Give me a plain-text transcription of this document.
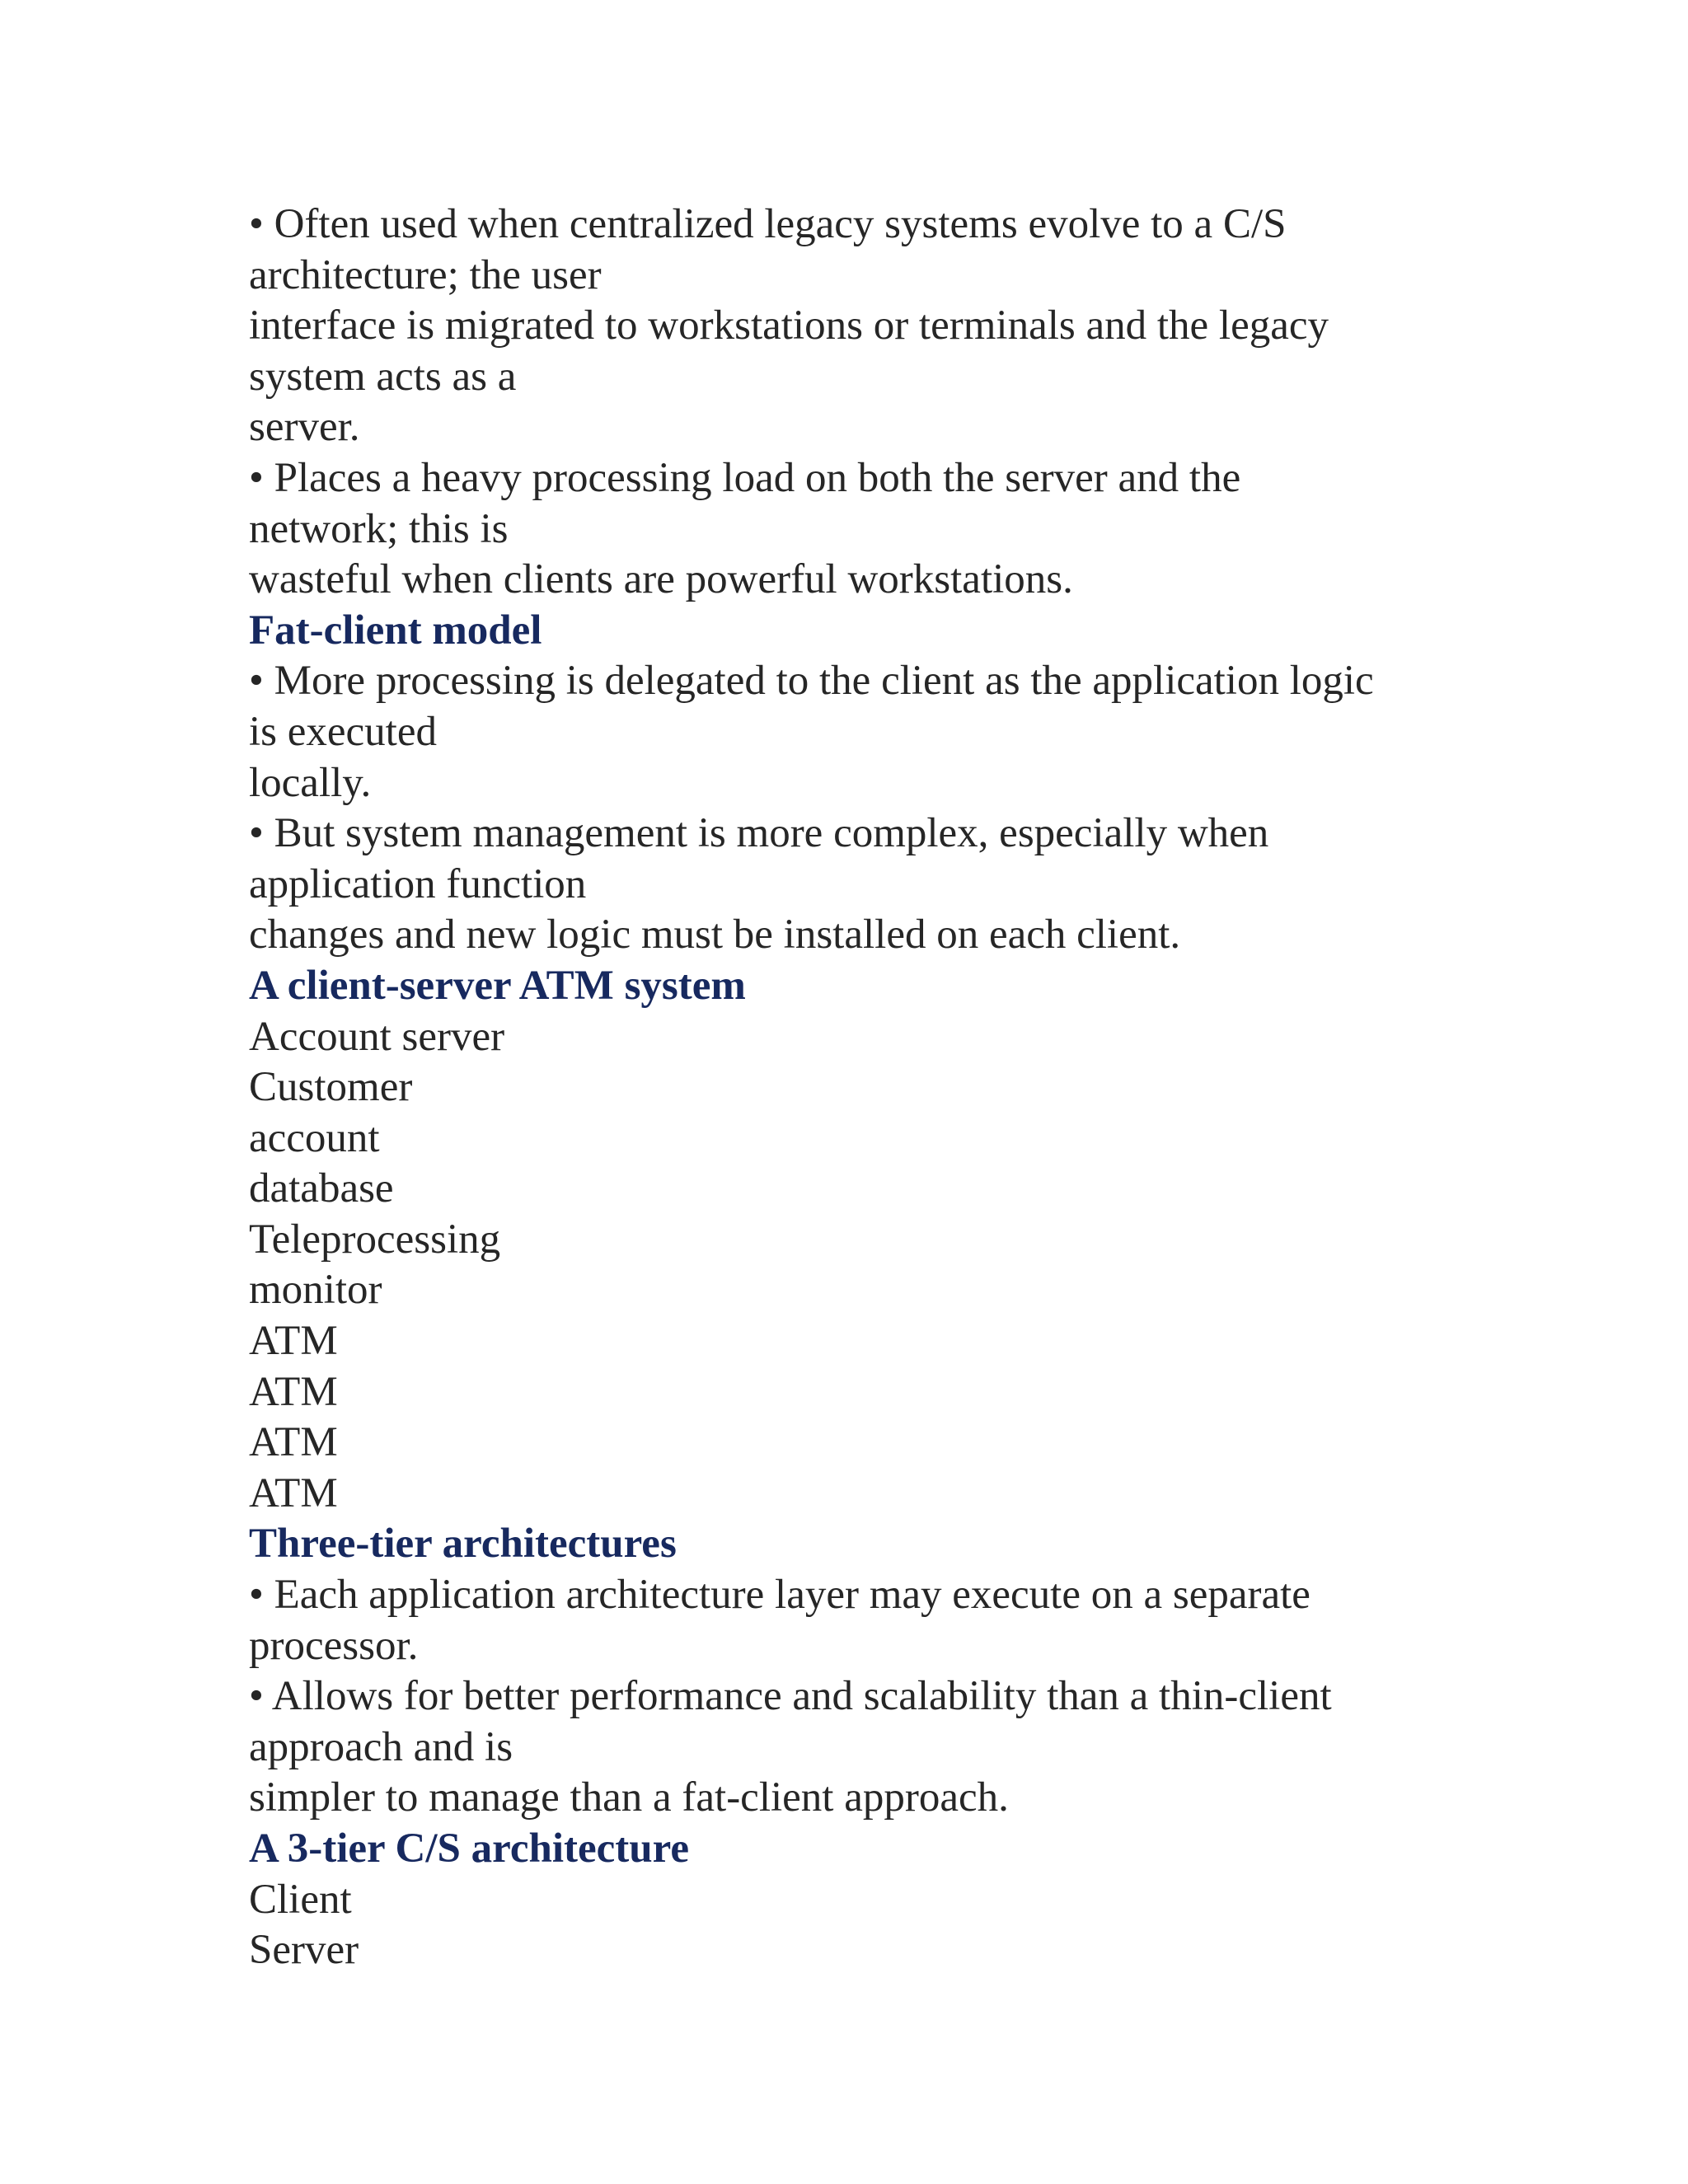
• Often used when centralized legacy systems evolve to a C/S
architecture; the user
interface is migrated to workstations or terminals and the legacy
system acts as a
server.
• Places a heavy processing load on both the server and the
network; this is
wasteful when clients are powerful workstations.
Fat-client model
• More processing is delegated to the client as the application logic
is executed
locally.
• But system management is more complex, especially when
application function
changes and new logic must be installed on each client.
A client-server ATM system
Account server
Customer
account
database
Teleprocessing
monitor
ATM
ATM
ATM
ATM
Three-tier architectures
• Each application architecture layer may execute on a separate
processor.
• Allows for better performance and scalability than a thin-client
approach and is
simpler to manage than a fat-client approach.
A 3-tier C/S architecture
Client
Server
